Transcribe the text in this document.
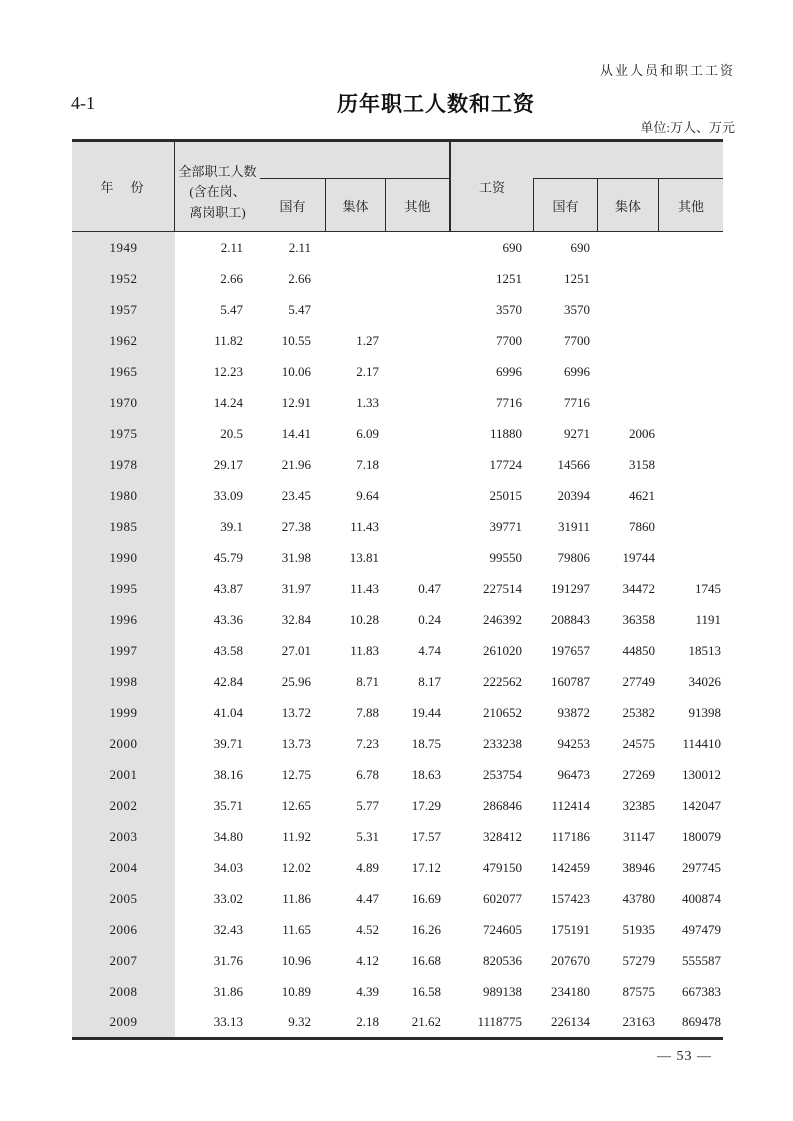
从业人员和职工工资
4-1	历年职工人数和工资
单位:万人、万元
年　份
全部职工人数
(含在岗、
离岗职工)	国有	集体	其他
工资
国有	集体	其他
1949	2.11	2.11			690	690		
1952	2.66	2.66			1251	1251		
1957	5.47	5.47			3570	3570		
1962	11.82	10.55	1.27		7700	7700		
1965	12.23	10.06	2.17		6996	6996		
1970	14.24	12.91	1.33		7716	7716		
1975	20.5	14.41	6.09		11880	9271	2006	
1978	29.17	21.96	7.18		17724	14566	3158	
1980	33.09	23.45	9.64		25015	20394	4621	
1985	39.1	27.38	11.43		39771	31911	7860	
1990	45.79	31.98	13.81		99550	79806	19744	
1995	43.87	31.97	11.43	0.47	227514	191297	34472	1745
1996	43.36	32.84	10.28	0.24	246392	208843	36358	1191
1997	43.58	27.01	11.83	4.74	261020	197657	44850	18513
1998	42.84	25.96	8.71	8.17	222562	160787	27749	34026
1999	41.04	13.72	7.88	19.44	210652	93872	25382	91398
2000	39.71	13.73	7.23	18.75	233238	94253	24575	114410
2001	38.16	12.75	6.78	18.63	253754	96473	27269	130012
2002	35.71	12.65	5.77	17.29	286846	112414	32385	142047
2003	34.80	11.92	5.31	17.57	328412	117186	31147	180079
2004	34.03	12.02	4.89	17.12	479150	142459	38946	297745
2005	33.02	11.86	4.47	16.69	602077	157423	43780	400874
2006	32.43	11.65	4.52	16.26	724605	175191	51935	497479
2007	31.76	10.96	4.12	16.68	820536	207670	57279	555587
2008	31.86	10.89	4.39	16.58	989138	234180	87575	667383
2009	33.13	9.32	2.18	21.62	1118775	226134	23163	869478
— 53 —
